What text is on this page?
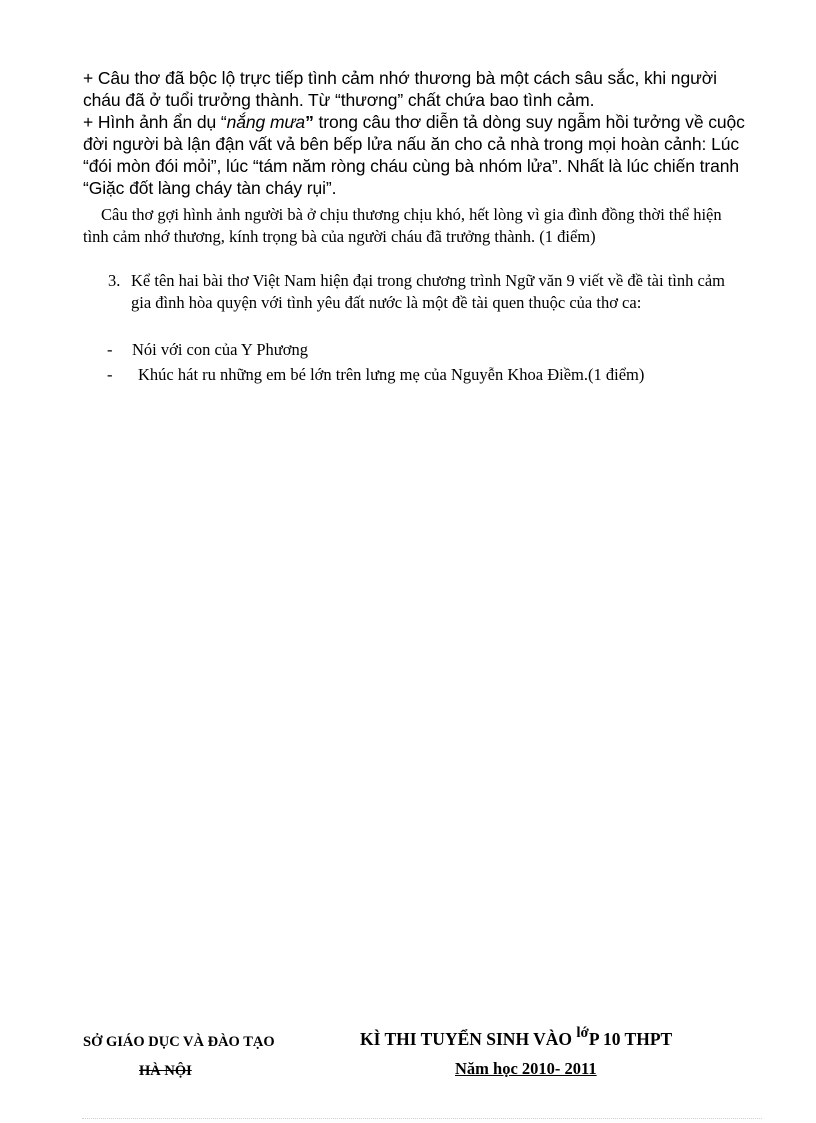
+ Câu thơ đã bộc lộ trực tiếp tình cảm nhớ thương bà một cách sâu sắc, khi người cháu đã ở tuổi trưởng thành. Từ “thương” chất chứa bao tình cảm.

+ Hình ảnh ẩn dụ “nắng mưa” trong câu thơ diễn tả dòng suy ngẫm hồi tưởng về cuộc đời người bà lận đận vất vả bên bếp lửa nấu ăn cho cả nhà trong mọi hoàn cảnh: Lúc “đói mòn đói mỏi”, lúc “tám năm ròng cháu cùng bà nhóm lửa”. Nhất là lúc chiến tranh “Giặc đốt làng cháy tàn cháy rụi”.

Câu thơ gợi hình ảnh người bà ở chịu thương chịu khó, hết lòng vì gia đình đồng thời thể hiện tình cảm nhớ thương, kính trọng bà của người cháu đã trưởng thành. (1 điểm)

3. Kể tên hai bài thơ Việt Nam hiện đại trong chương trình Ngữ văn 9 viết về đề tài tình cảm gia đình hòa quyện với tình yêu đất nước là một đề tài quen thuộc của thơ ca:
- Nói với con của Y Phương
- Khúc hát ru những em bé lớn trên lưng mẹ của Nguyễn Khoa Điềm.(1 điểm)
SỞ GIÁO DỤC VÀ ĐÀO TẠO
HÀ NỘI
KÌ THI TUYỂN SINH VÀO lớP 10 THPT
Năm học 2010- 2011
